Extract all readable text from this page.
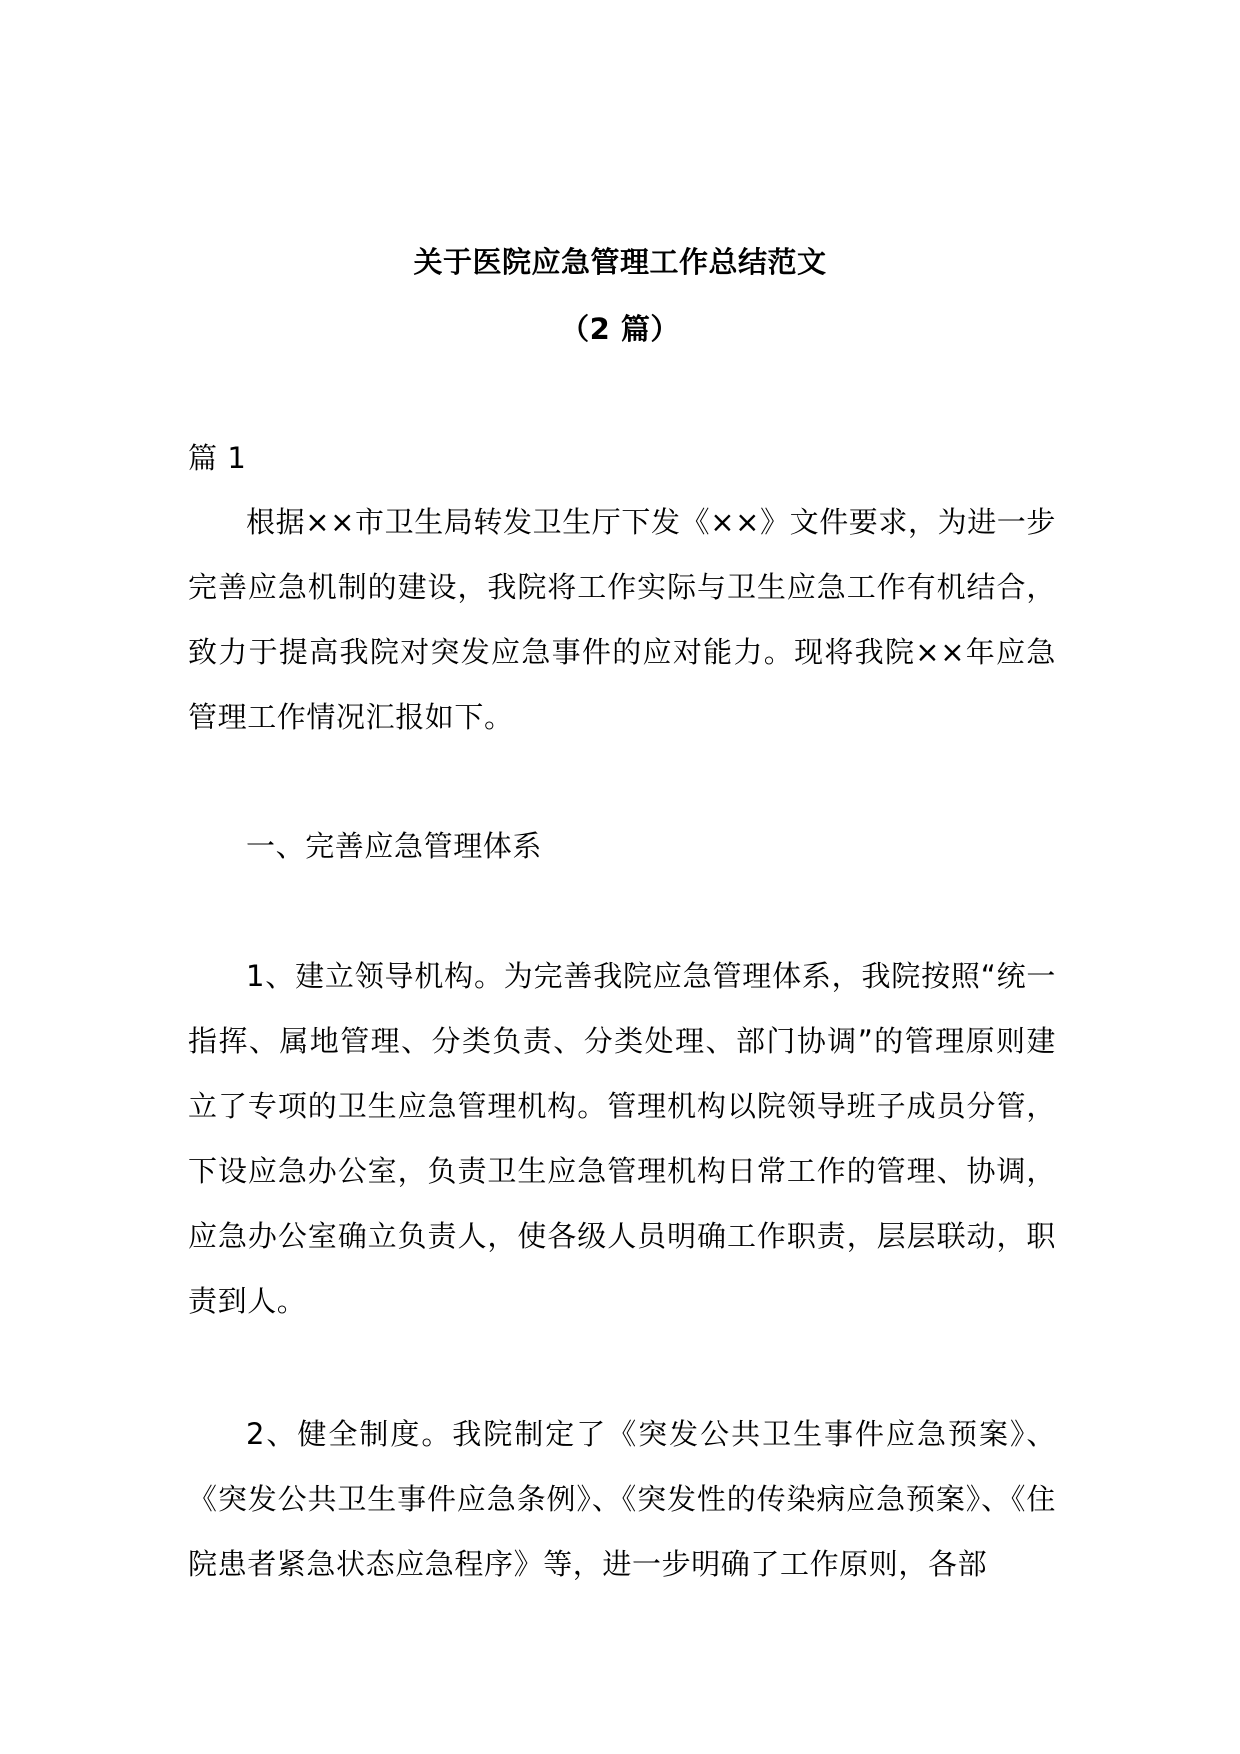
关于医院应急管理工作总结范文
（2 篇）
篇 1
根据××市卫生局转发卫生厅下发《××》文件要求，为进一步完善应急机制的建设，我院将工作实际与卫生应急工作有机结合，致力于提高我院对突发应急事件的应对能力。现将我院××年应急管理工作情况汇报如下。
一、完善应急管理体系
1、建立领导机构。为完善我院应急管理体系，我院按照“统一指挥、属地管理、分类负责、分类处理、部门协调”的管理原则建立了专项的卫生应急管理机构。管理机构以院领导班子成员分管，下设应急办公室，负责卫生应急管理机构日常工作的管理、协调，应急办公室确立负责人，使各级人员明确工作职责，层层联动，职责到人。
2、健全制度。我院制定了《突发公共卫生事件应急预案》、《突发公共卫生事件应急条例》、《突发性的传染病应急预案》、《住院患者紧急状态应急程序》等，进一步明确了工作原则，各部
